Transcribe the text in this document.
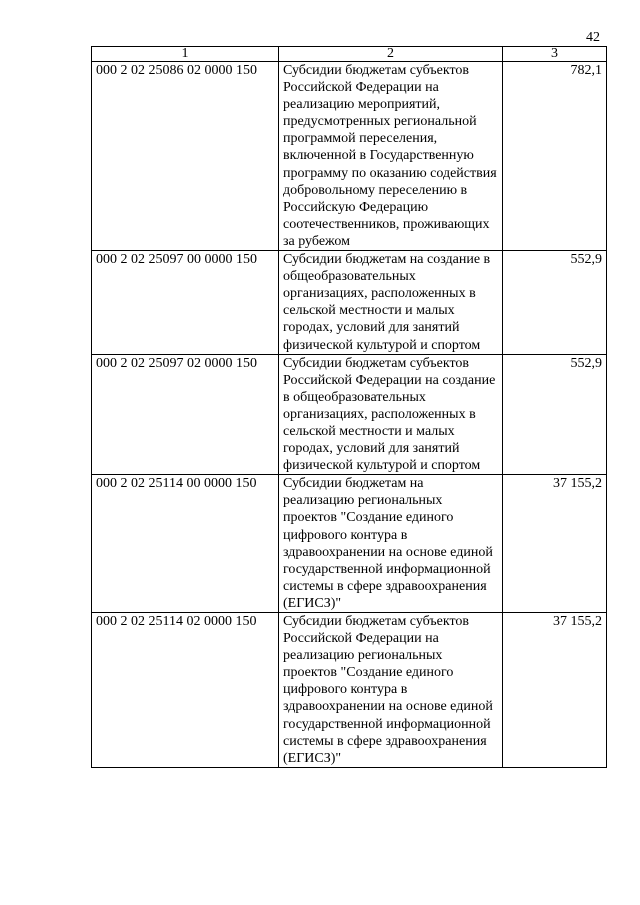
42
1	2	3
000 2 02 25086 02 0000 150	Субсидии бюджетам субъектов Российской Федерации на реализацию мероприятий, предусмотренных региональной программой переселения, включенной в Государственную программу по оказанию содействия добровольному переселению в Российскую Федерацию соотечественников, проживающих за рубежом	782,1
000 2 02 25097 00 0000 150	Субсидии бюджетам на создание в общеобразовательных организациях, расположенных в сельской местности и малых городах, условий для занятий физической культурой и спортом	552,9
000 2 02 25097 02 0000 150	Субсидии бюджетам субъектов Российской Федерации на создание в общеобразовательных организациях, расположенных в сельской местности и малых городах, условий для занятий физической культурой и спортом	552,9
000 2 02 25114 00 0000 150	Субсидии бюджетам на реализацию региональных проектов "Создание единого цифрового контура в здравоохранении на основе единой государственной информационной системы в сфере здравоохранения (ЕГИСЗ)"	37 155,2
000 2 02 25114 02 0000 150	Субсидии бюджетам субъектов Российской Федерации на реализацию региональных проектов "Создание единого цифрового контура в здравоохранении на основе единой государственной информационной системы в сфере здравоохранения (ЕГИСЗ)"	37 155,2
